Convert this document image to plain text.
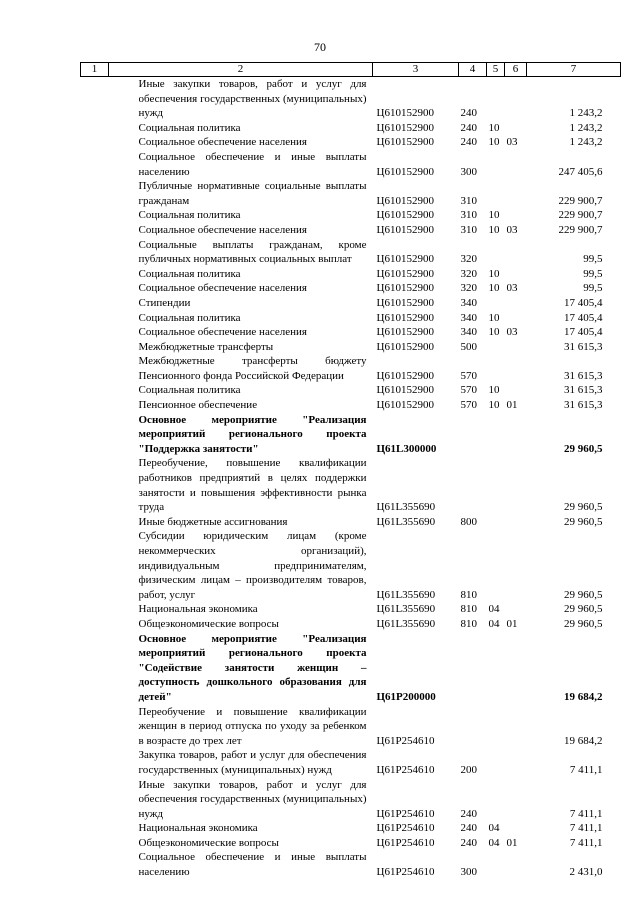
70
1	2	3	4	5	6	7
	Иные закупки товаров, работ и услуг для обеспечения государственных (муниципальных) нужд	Ц610152900	240			1 243,2
	Социальная политика	Ц610152900	240	10		1 243,2
	Социальное обеспечение населения	Ц610152900	240	10	03	1 243,2
	Социальное обеспечение и иные выплаты населению	Ц610152900	300			247 405,6
	Публичные нормативные социальные выплаты гражданам	Ц610152900	310			229 900,7
	Социальная политика	Ц610152900	310	10		229 900,7
	Социальное обеспечение населения	Ц610152900	310	10	03	229 900,7
	Социальные выплаты гражданам, кроме публичных нормативных социальных выплат	Ц610152900	320			99,5
	Социальная политика	Ц610152900	320	10		99,5
	Социальное обеспечение населения	Ц610152900	320	10	03	99,5
	Стипендии	Ц610152900	340			17 405,4
	Социальная политика	Ц610152900	340	10		17 405,4
	Социальное обеспечение населения	Ц610152900	340	10	03	17 405,4
	Межбюджетные трансферты	Ц610152900	500			31 615,3
	Межбюджетные трансферты бюджету Пенсионного фонда Российской Федерации	Ц610152900	570			31 615,3
	Социальная политика	Ц610152900	570	10		31 615,3
	Пенсионное обеспечение	Ц610152900	570	10	01	31 615,3
	Основное мероприятие "Реализация мероприятий регионального проекта "Поддержка занятости"	Ц61L300000				29 960,5
	Переобучение, повышение квалификации работников предприятий в целях поддержки занятости и повышения эффективности рынка труда	Ц61L355690				29 960,5
	Иные бюджетные ассигнования	Ц61L355690	800			29 960,5
	Субсидии юридическим лицам (кроме некоммерческих организаций), индивидуальным предпринимателям, физическим лицам – производителям товаров, работ, услуг	Ц61L355690	810			29 960,5
	Национальная экономика	Ц61L355690	810	04		29 960,5
	Общеэкономические вопросы	Ц61L355690	810	04	01	29 960,5
	Основное мероприятие "Реализация мероприятий регионального проекта "Содействие занятости женщин – доступность дошкольного образования для детей"	Ц61P200000				19 684,2
	Переобучение и повышение квалификации женщин в период отпуска по уходу за ребенком в возрасте до трех лет	Ц61P254610				19 684,2
	Закупка товаров, работ и услуг для обеспечения государственных (муниципальных) нужд	Ц61P254610	200			7 411,1
	Иные закупки товаров, работ и услуг для обеспечения государственных (муниципальных) нужд	Ц61P254610	240			7 411,1
	Национальная экономика	Ц61P254610	240	04		7 411,1
	Общеэкономические вопросы	Ц61P254610	240	04	01	7 411,1
	Социальное обеспечение и иные выплаты населению	Ц61P254610	300			2 431,0
